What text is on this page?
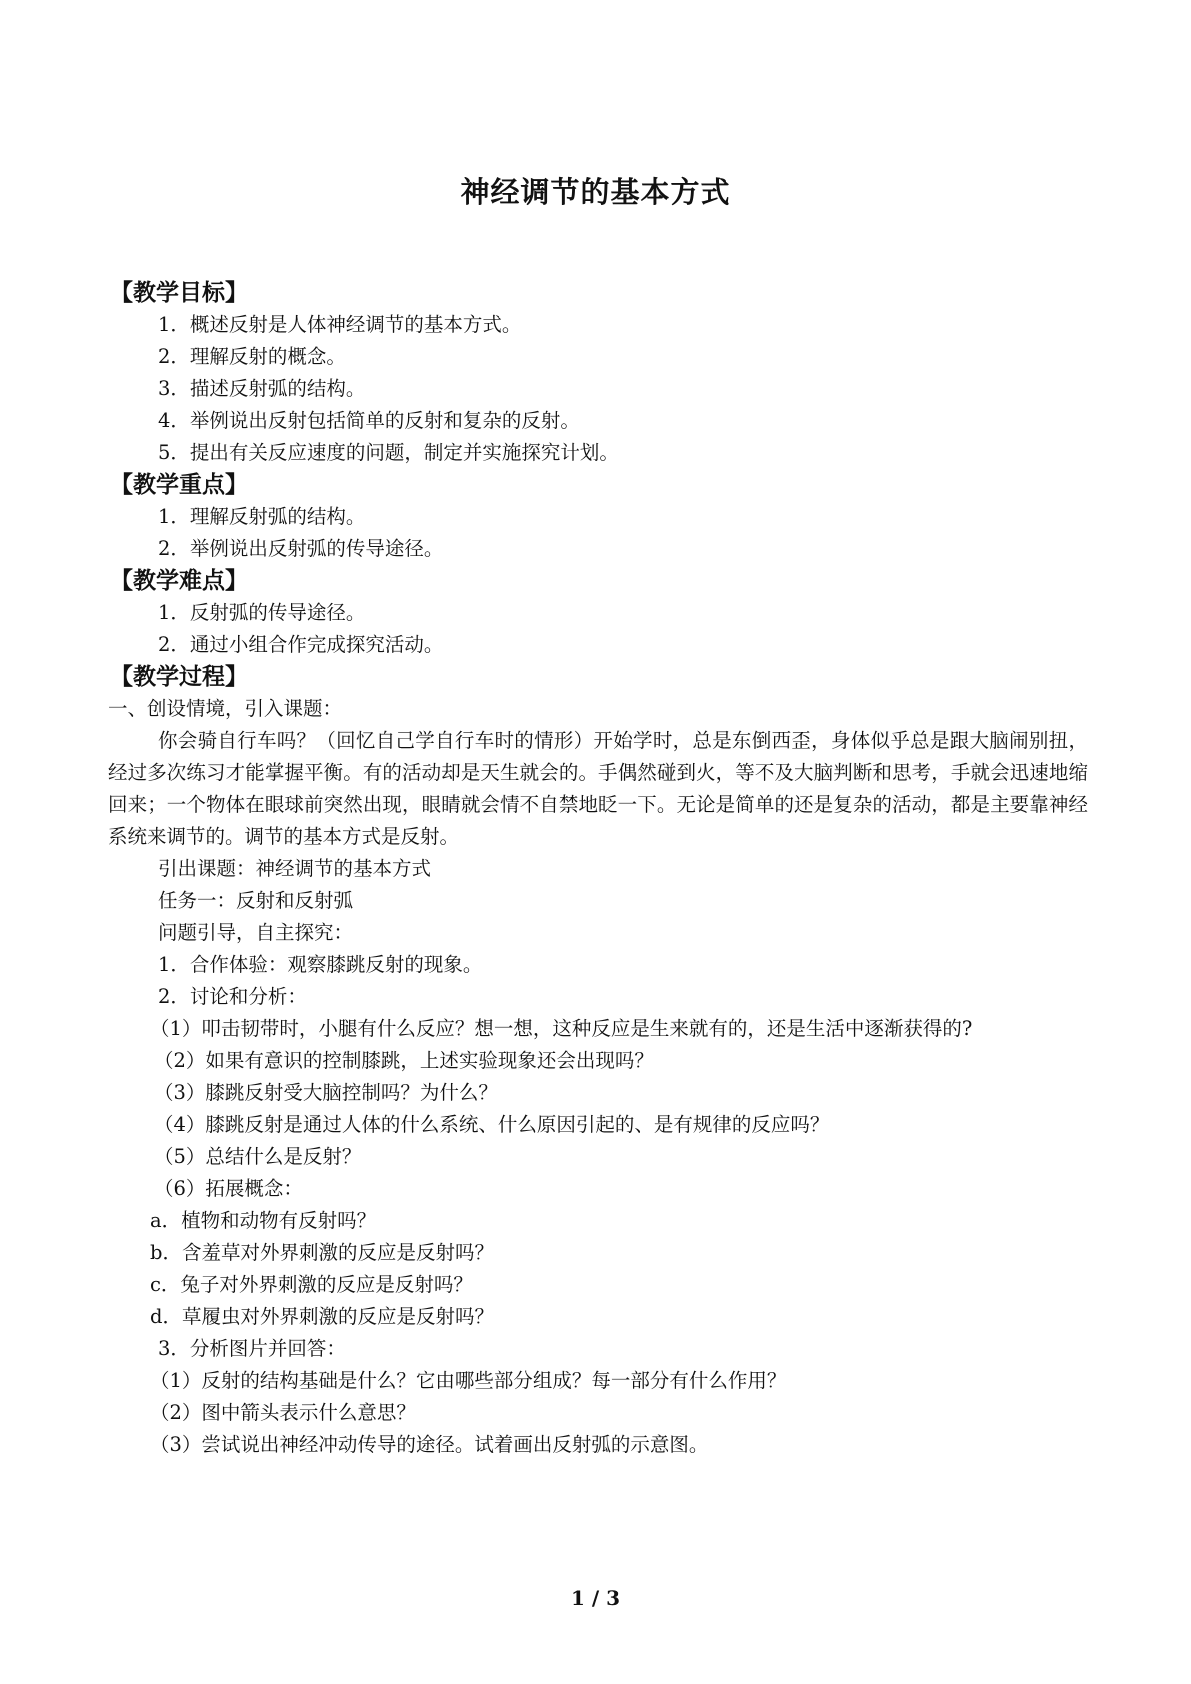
神经调节的基本方式
【教学目标】
1．概述反射是人体神经调节的基本方式。
2．理解反射的概念。
3．描述反射弧的结构。
4．举例说出反射包括简单的反射和复杂的反射。
5．提出有关反应速度的问题，制定并实施探究计划。
【教学重点】
1．理解反射弧的结构。
2．举例说出反射弧的传导途径。
【教学难点】
1．反射弧的传导途径。
2．通过小组合作完成探究活动。
【教学过程】
一、创设情境，引入课题：
你会骑自行车吗？（回忆自己学自行车时的情形）开始学时，总是东倒西歪，身体似乎总是跟大脑闹别扭，经过多次练习才能掌握平衡。有的活动却是天生就会的。手偶然碰到火，等不及大脑判断和思考，手就会迅速地缩回来；一个物体在眼球前突然出现，眼睛就会情不自禁地眨一下。无论是简单的还是复杂的活动，都是主要靠神经系统来调节的。调节的基本方式是反射。
引出课题：神经调节的基本方式
任务一：反射和反射弧
问题引导，自主探究：
1．合作体验：观察膝跳反射的现象。
2．讨论和分析：
（1）叩击韧带时，小腿有什么反应？想一想，这种反应是生来就有的，还是生活中逐渐获得的?
（2）如果有意识的控制膝跳，上述实验现象还会出现吗？
（3）膝跳反射受大脑控制吗？为什么？
（4）膝跳反射是通过人体的什么系统、什么原因引起的、是有规律的反应吗？
（5）总结什么是反射？
（6）拓展概念：
a．植物和动物有反射吗？
b．含羞草对外界刺激的反应是反射吗？
c．兔子对外界刺激的反应是反射吗？
d．草履虫对外界刺激的反应是反射吗？
3．分析图片并回答：
（1）反射的结构基础是什么？它由哪些部分组成？每一部分有什么作用？
（2）图中箭头表示什么意思？
（3）尝试说出神经冲动传导的途径。试着画出反射弧的示意图。
1 / 3
